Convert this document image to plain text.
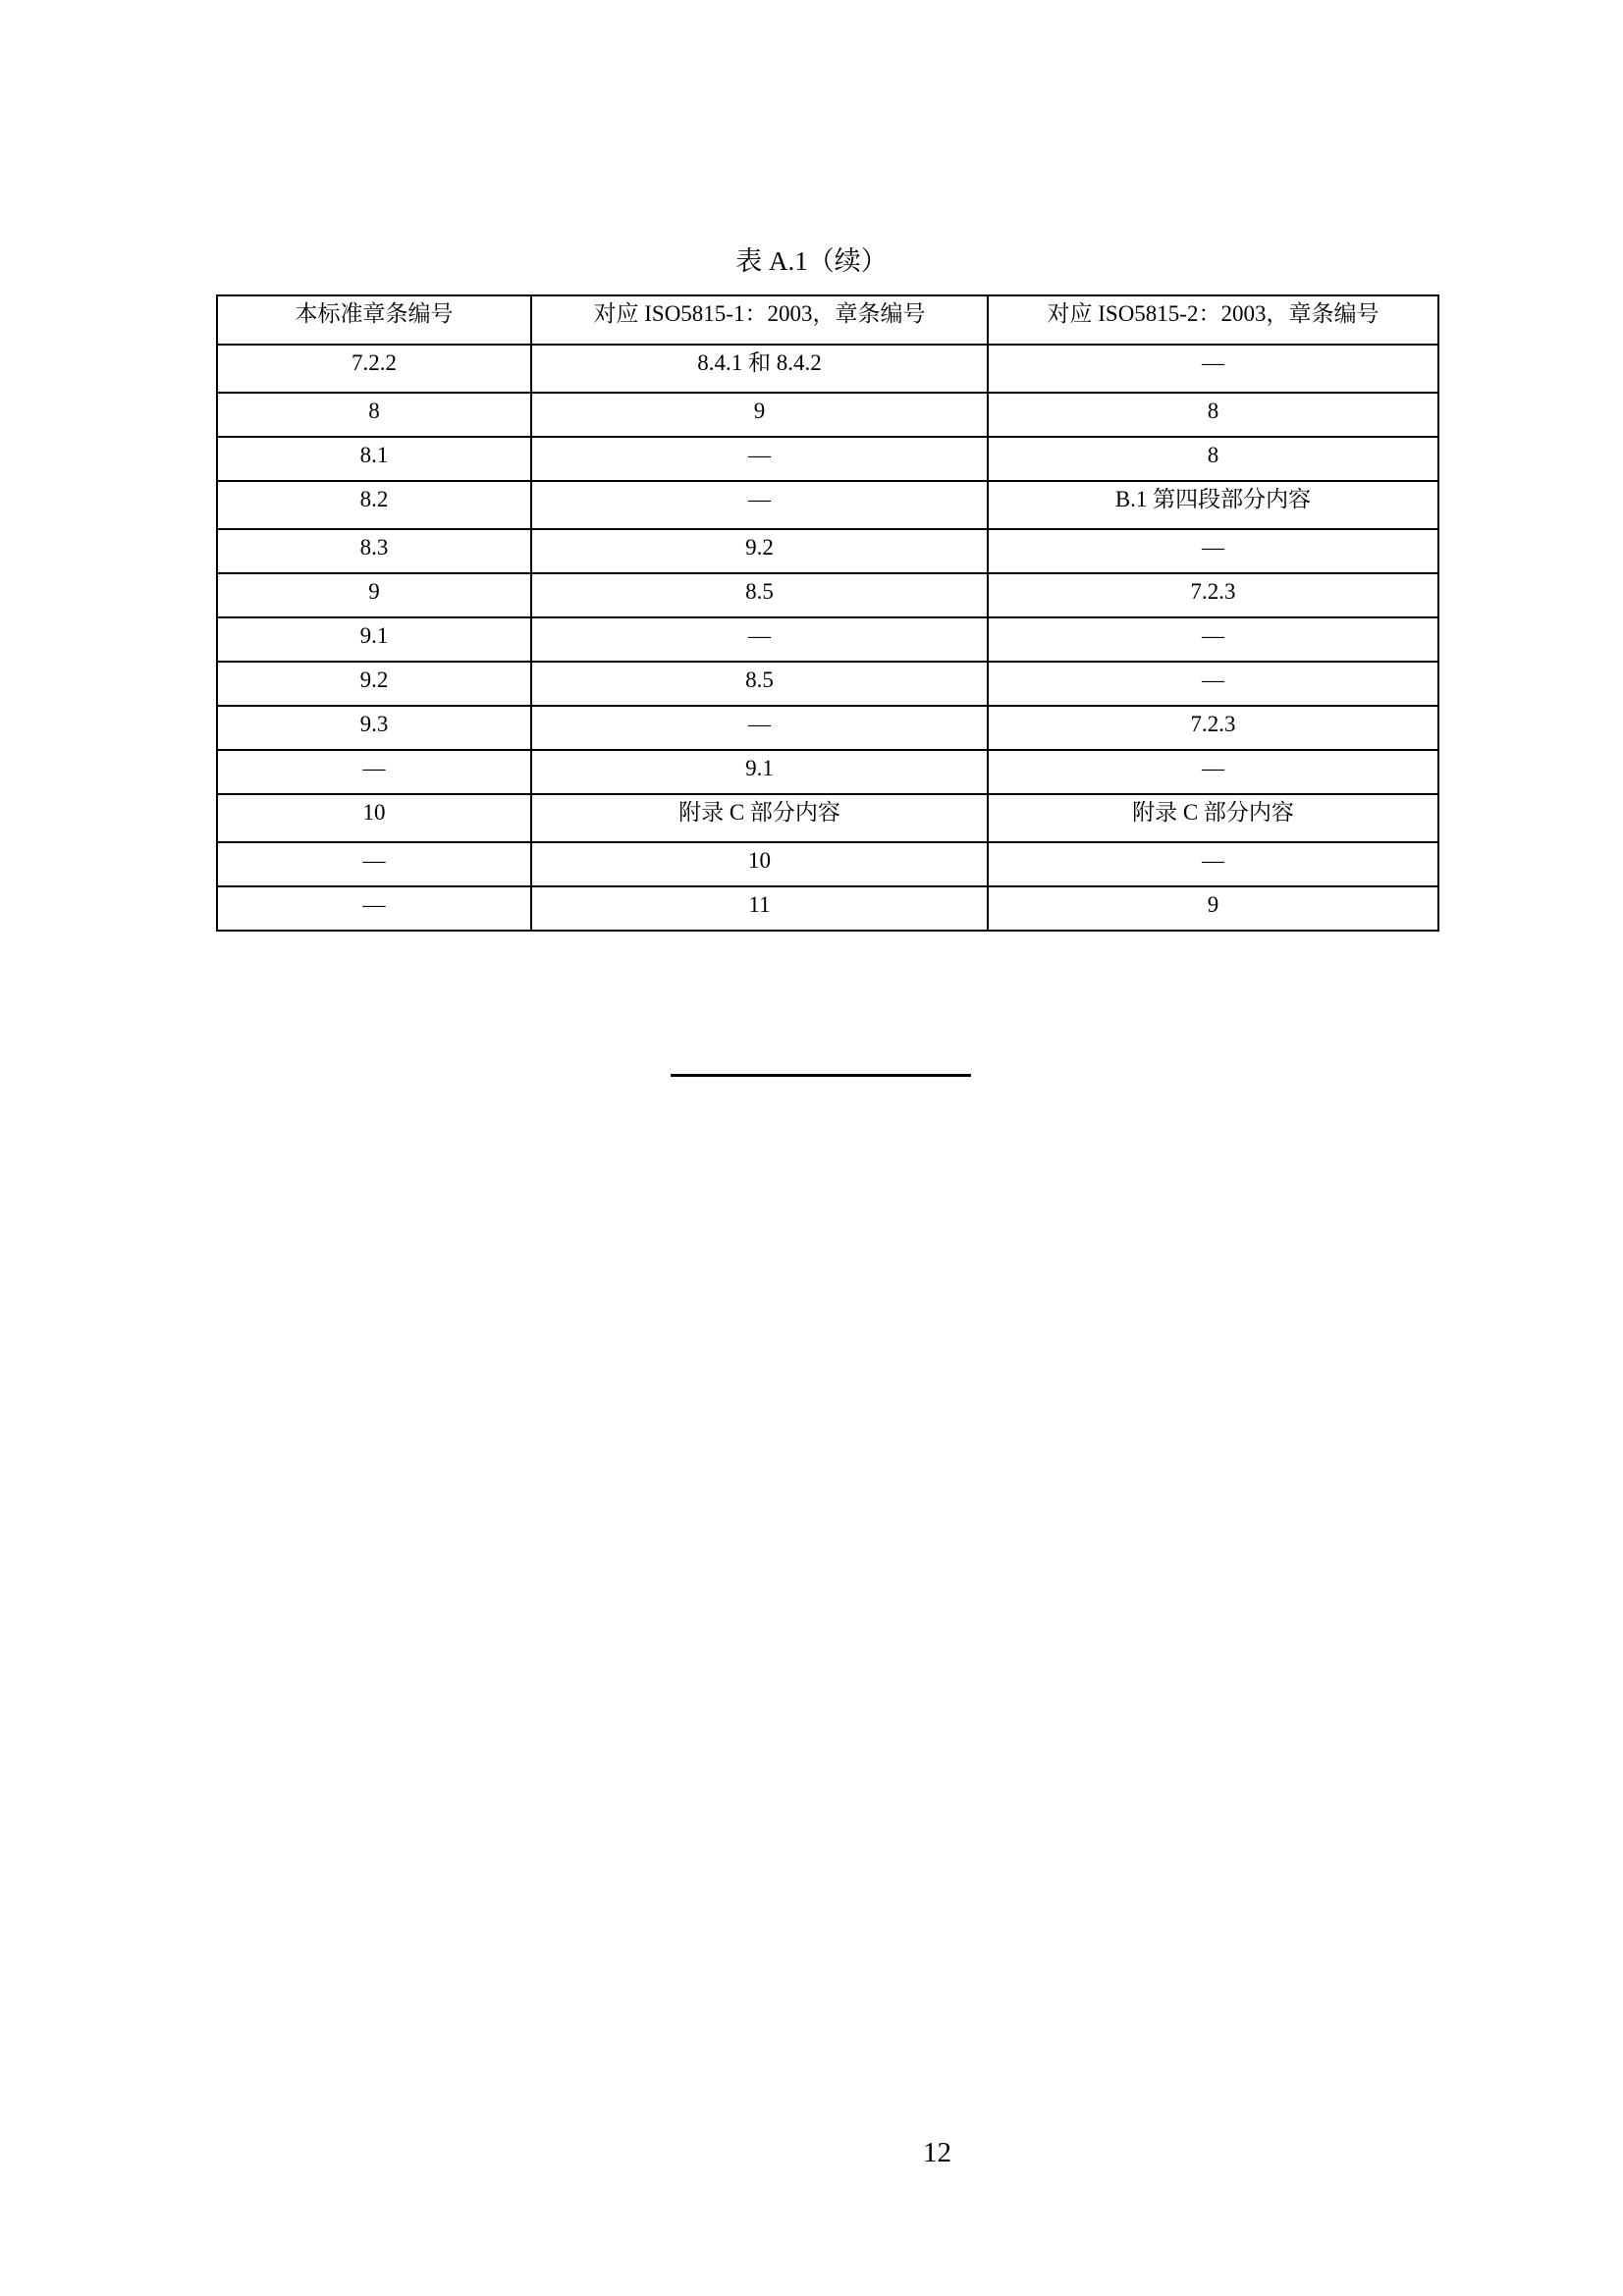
表 A.1（续）
本标准章条编号	对应 ISO5815-1：2003，章条编号	对应 ISO5815-2：2003，章条编号
7.2.2	8.4.1 和 8.4.2	—
8	9	8
8.1	—	8
8.2	—	B.1 第四段部分内容
8.3	9.2	—
9	8.5	7.2.3
9.1	—	—
9.2	8.5	—
9.3	—	7.2.3
—	9.1	—
10	附录 C 部分内容	附录 C 部分内容
—	10	—
—	11	9
12
